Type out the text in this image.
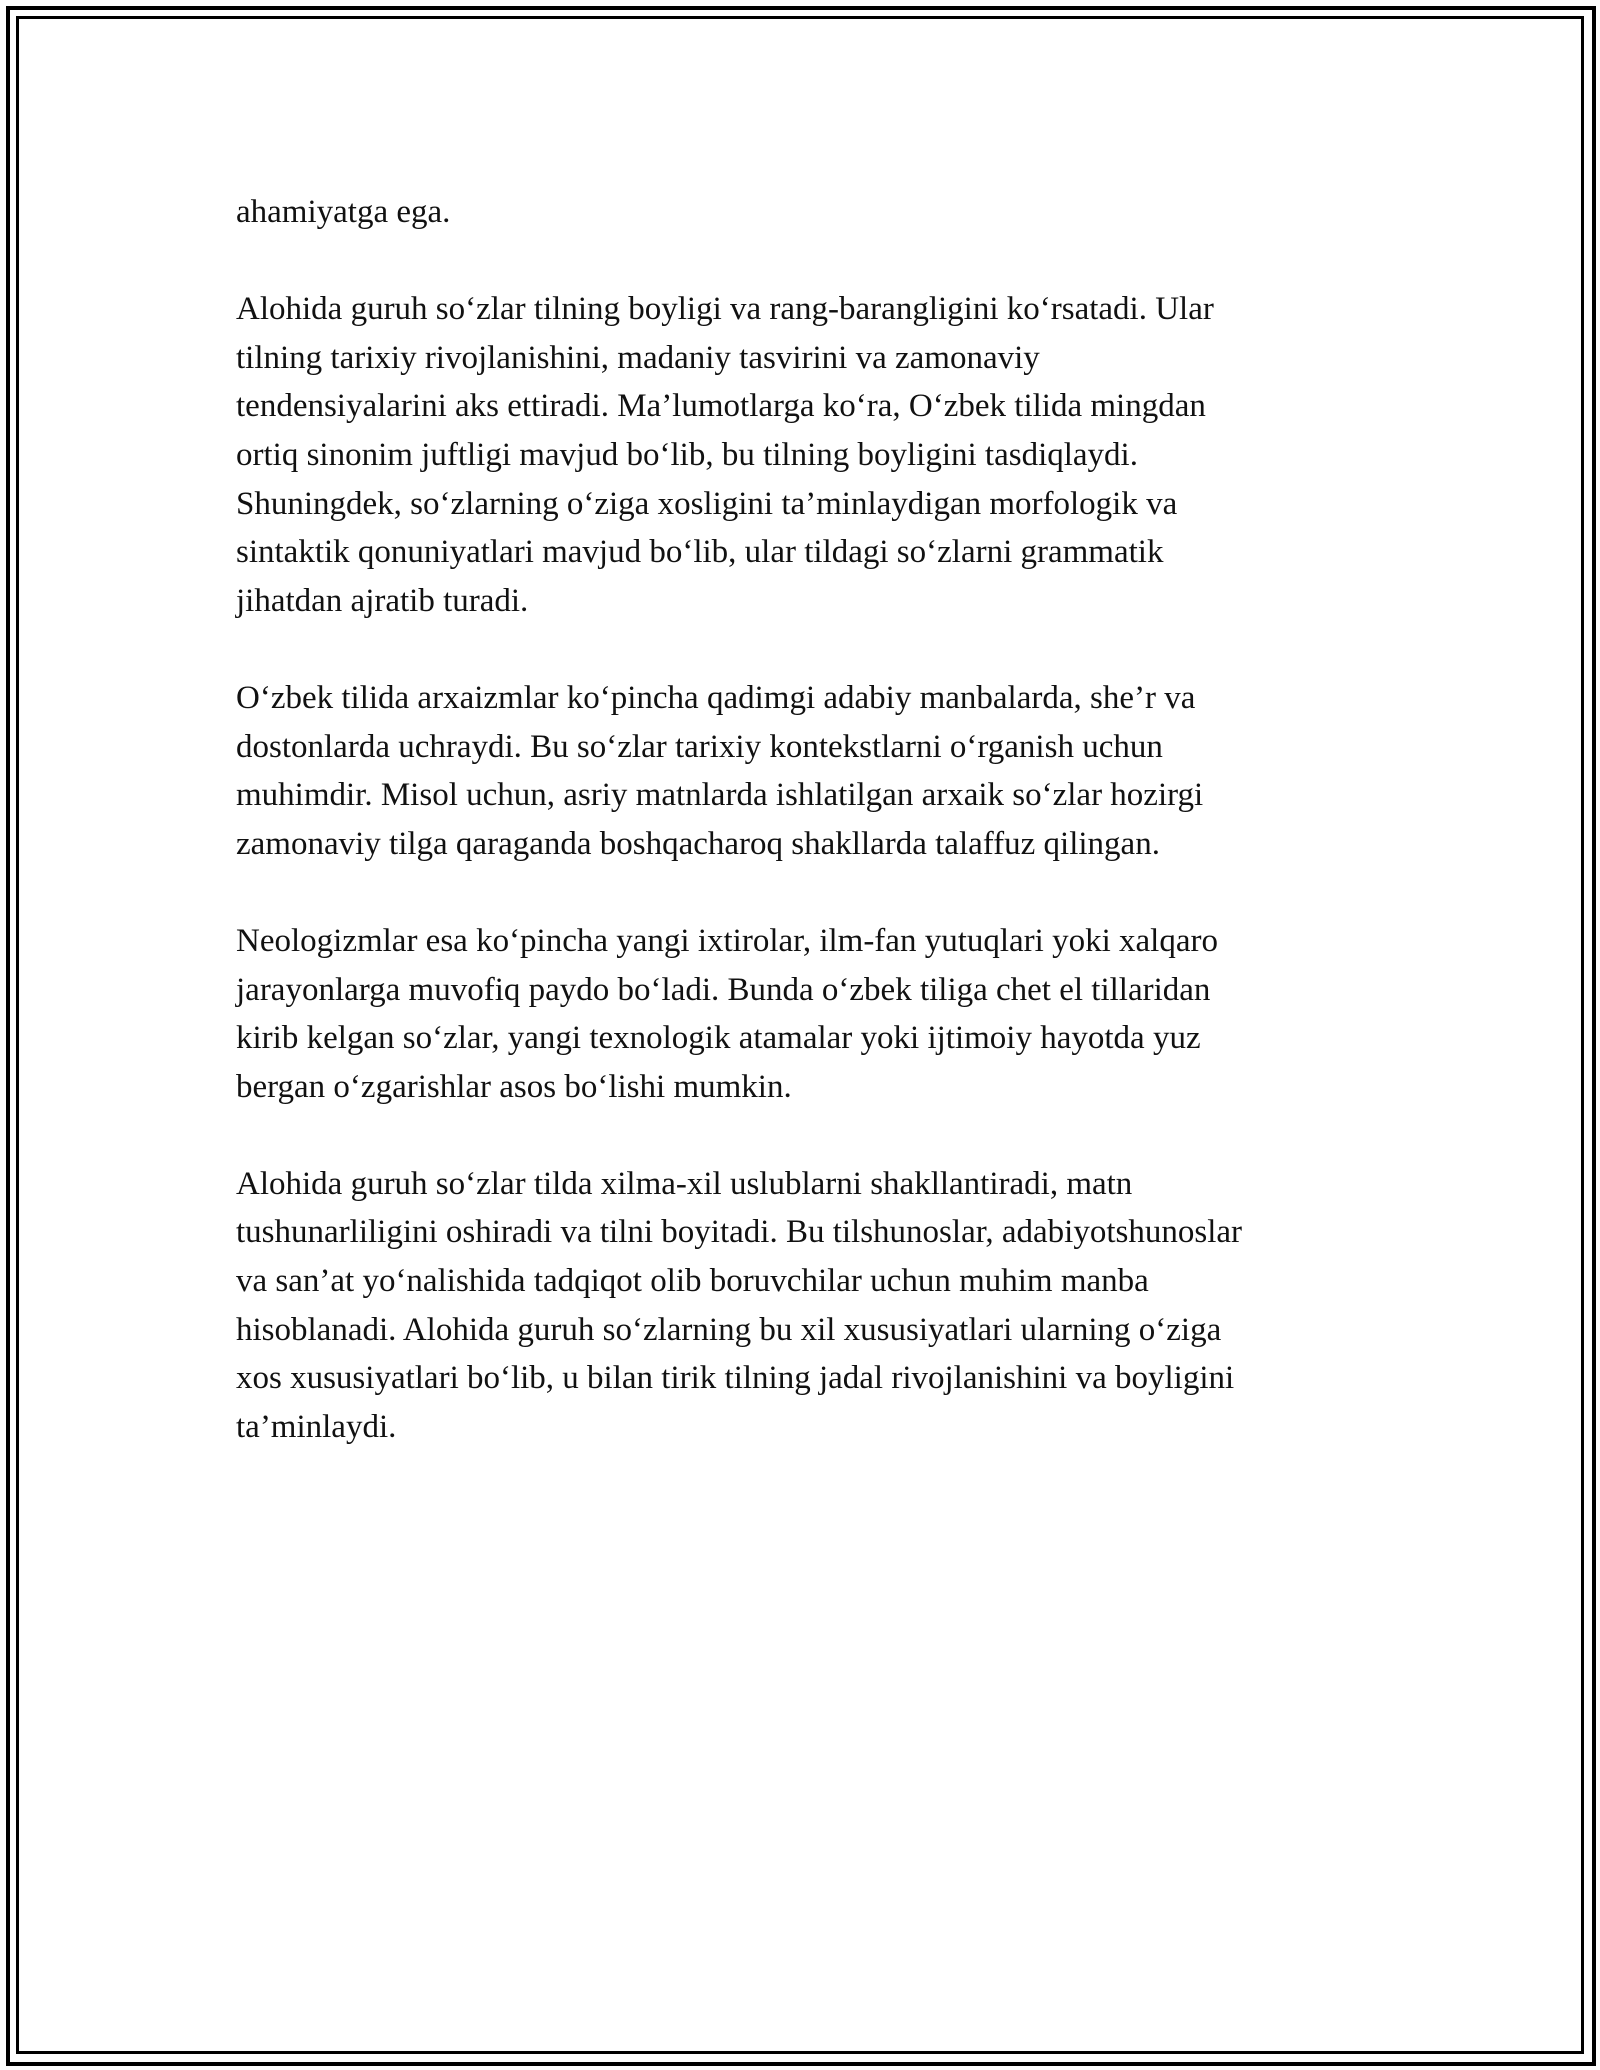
ahamiyatga ega.

Alohida guruh so‘zlar tilning boyligi va rang-barangligini ko‘rsatadi. Ular
tilning tarixiy rivojlanishini, madaniy tasvirini va zamonaviy
tendensiyalarini aks ettiradi. Ma’lumotlarga ko‘ra, O‘zbek tilida mingdan
ortiq sinonim juftligi mavjud bo‘lib, bu tilning boyligini tasdiqlaydi.
Shuningdek, so‘zlarning o‘ziga xosligini ta’minlaydigan morfologik va
sintaktik qonuniyatlari mavjud bo‘lib, ular tildagi so‘zlarni grammatik
jihatdan ajratib turadi.

O‘zbek tilida arxaizmlar ko‘pincha qadimgi adabiy manbalarda, she’r va
dostonlarda uchraydi. Bu so‘zlar tarixiy kontekstlarni o‘rganish uchun
muhimdir. Misol uchun, asriy matnlarda ishlatilgan arxaik so‘zlar hozirgi
zamonaviy tilga qaraganda boshqacharoq shakllarda talaffuz qilingan.

Neologizmlar esa ko‘pincha yangi ixtirolar, ilm-fan yutuqlari yoki xalqaro
jarayonlarga muvofiq paydo bo‘ladi. Bunda o‘zbek tiliga chet el tillaridan
kirib kelgan so‘zlar, yangi texnologik atamalar yoki ijtimoiy hayotda yuz
bergan o‘zgarishlar asos bo‘lishi mumkin.

Alohida guruh so‘zlar tilda xilma-xil uslublarni shakllantiradi, matn
tushunarliligini oshiradi va tilni boyitadi. Bu tilshunoslar, adabiyotshunoslar
va san’at yo‘nalishida tadqiqot olib boruvchilar uchun muhim manba
hisoblanadi. Alohida guruh so‘zlarning bu xil xususiyatlari ularning o‘ziga
xos xususiyatlari bo‘lib, u bilan tirik tilning jadal rivojlanishini va boyligini
ta’minlaydi.
